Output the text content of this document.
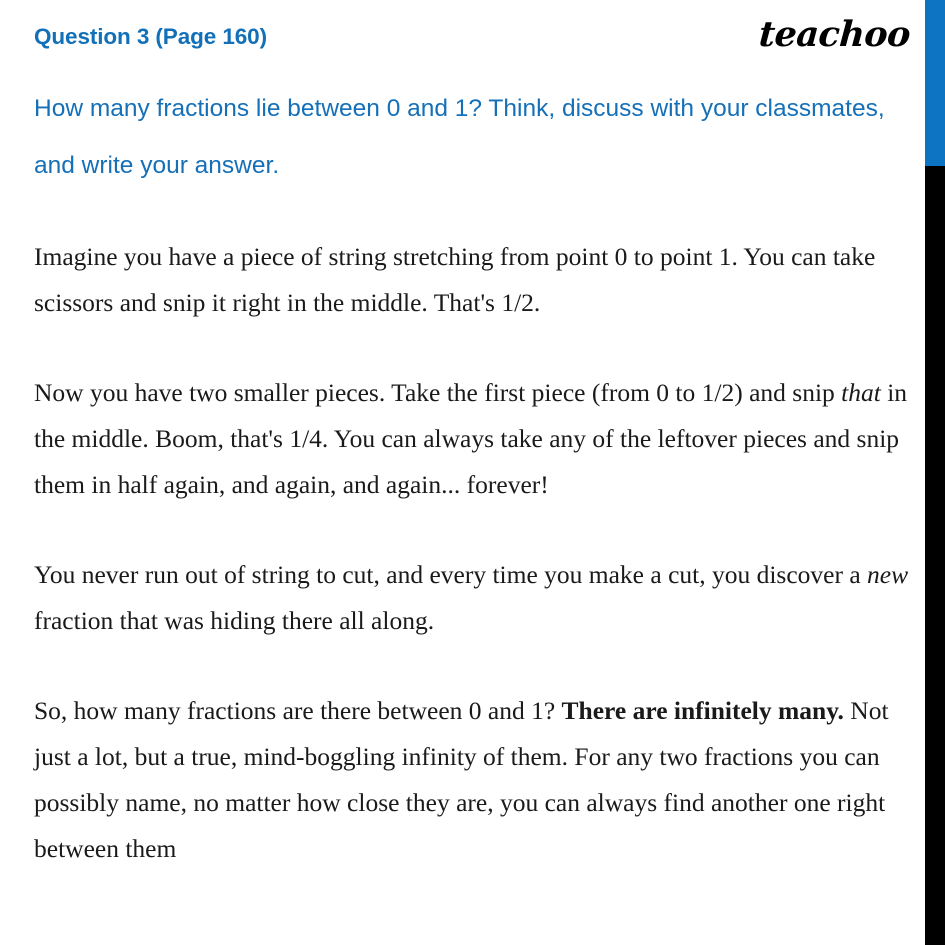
Question 3 (Page 160)	teachoo
How many fractions lie between 0 and 1? Think, discuss with your classmates, and write your answer.

Imagine you have a piece of string stretching from point 0 to point 1. You can take scissors and snip it right in the middle. That's 1/2.

Now you have two smaller pieces. Take the first piece (from 0 to 1/2) and snip that in the middle. Boom, that's 1/4. You can always take any of the leftover pieces and snip them in half again, and again, and again... forever!

You never run out of string to cut, and every time you make a cut, you discover a new fraction that was hiding there all along.

So, how many fractions are there between 0 and 1? There are infinitely many. Not just a lot, but a true, mind-boggling infinity of them. For any two fractions you can possibly name, no matter how close they are, you can always find another one right between them
